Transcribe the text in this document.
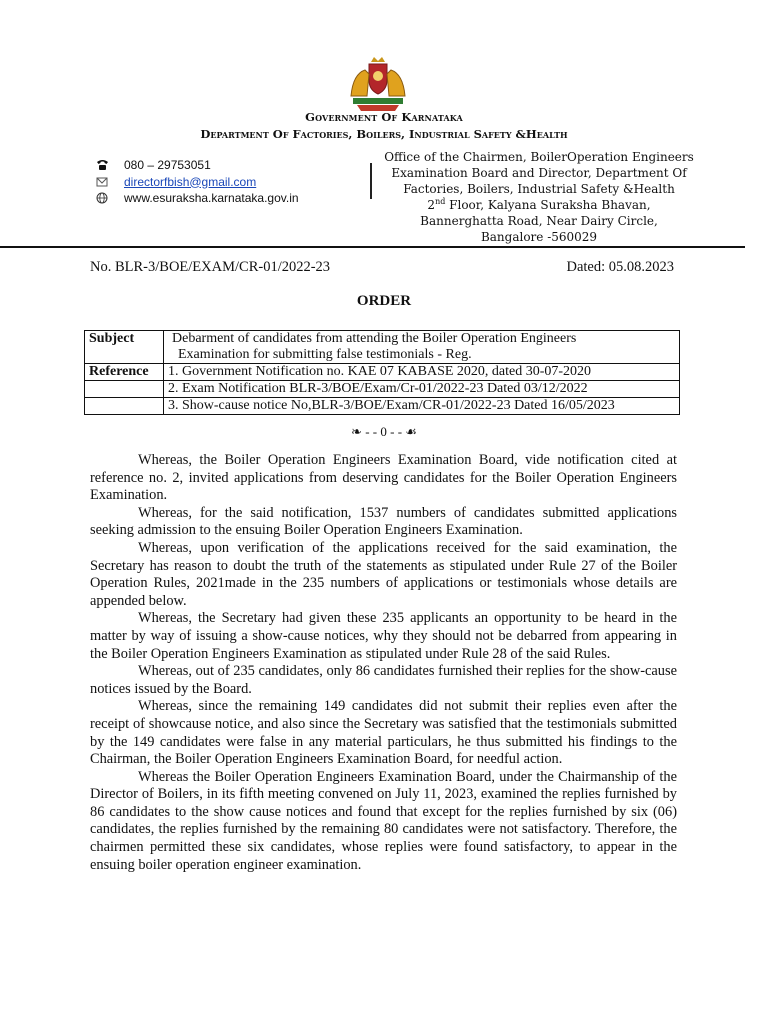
Government Of Karnataka
Department Of Factories, Boilers, Industrial Safety &Health
080 – 29753051
directorfbish@gmail.com
www.esuraksha.karnataka.gov.in
Office of the Chairmen, BoilerOperation Engineers
Examination Board and Director, Department Of
Factories, Boilers, Industrial Safety &Health
2nd Floor, Kalyana Suraksha Bhavan,
Bannerghatta Road, Near Dairy Circle,
Bangalore -560029
No. BLR-3/BOE/EXAM/CR-01/2022-23	Dated: 05.08.2023
ORDER
Subject	Debarment of candidates from attending the Boiler Operation Engineers
Examination for submitting false testimonials - Reg.

Reference	1. Government Notification no. KAE 07 KABASE 2020, dated 30-07-2020
	2. Exam Notification BLR-3/BOE/Exam/Cr-01/2022-23 Dated 03/12/2022
	3. Show-cause notice No,BLR-3/BOE/Exam/CR-01/2022-23 Dated 16/05/2023
❧ - - 0 - - ☙

Whereas, the Boiler Operation Engineers Examination Board, vide notification cited at reference no. 2, invited applications from deserving candidates for the Boiler Operation Engineers Examination.

Whereas, for the said notification, 1537 numbers of candidates submitted applications seeking admission to the ensuing Boiler Operation Engineers Examination.

Whereas, upon verification of the applications received for the said examination, the Secretary has reason to doubt the truth of the statements as stipulated under Rule 27 of the Boiler Operation Rules, 2021made in the 235 numbers of applications or testimonials whose details are appended below.

Whereas, the Secretary had given these 235 applicants an opportunity to be heard in the matter by way of issuing a show-cause notices, why they should not be debarred from appearing in the Boiler Operation Engineers Examination as stipulated under Rule 28 of the said Rules.

Whereas, out of 235 candidates, only 86 candidates furnished their replies for the show-cause notices issued by the Board.

Whereas, since the remaining 149 candidates did not submit their replies even after the receipt of showcause notice, and also since the Secretary was satisfied that the testimonials submitted by the 149 candidates were false in any material particulars, he thus submitted his findings to the Chairman, the Boiler Operation Engineers Examination Board, for needful action.

Whereas the Boiler Operation Engineers Examination Board, under the Chairmanship of the Director of Boilers, in its fifth meeting convened on July 11, 2023, examined the replies furnished by 86 candidates to the show cause notices and found that except for the replies furnished by six (06) candidates, the replies furnished by the remaining 80 candidates were not satisfactory. Therefore, the chairmen permitted these six candidates, whose replies were found satisfactory, to appear in the ensuing boiler operation engineer examination.
